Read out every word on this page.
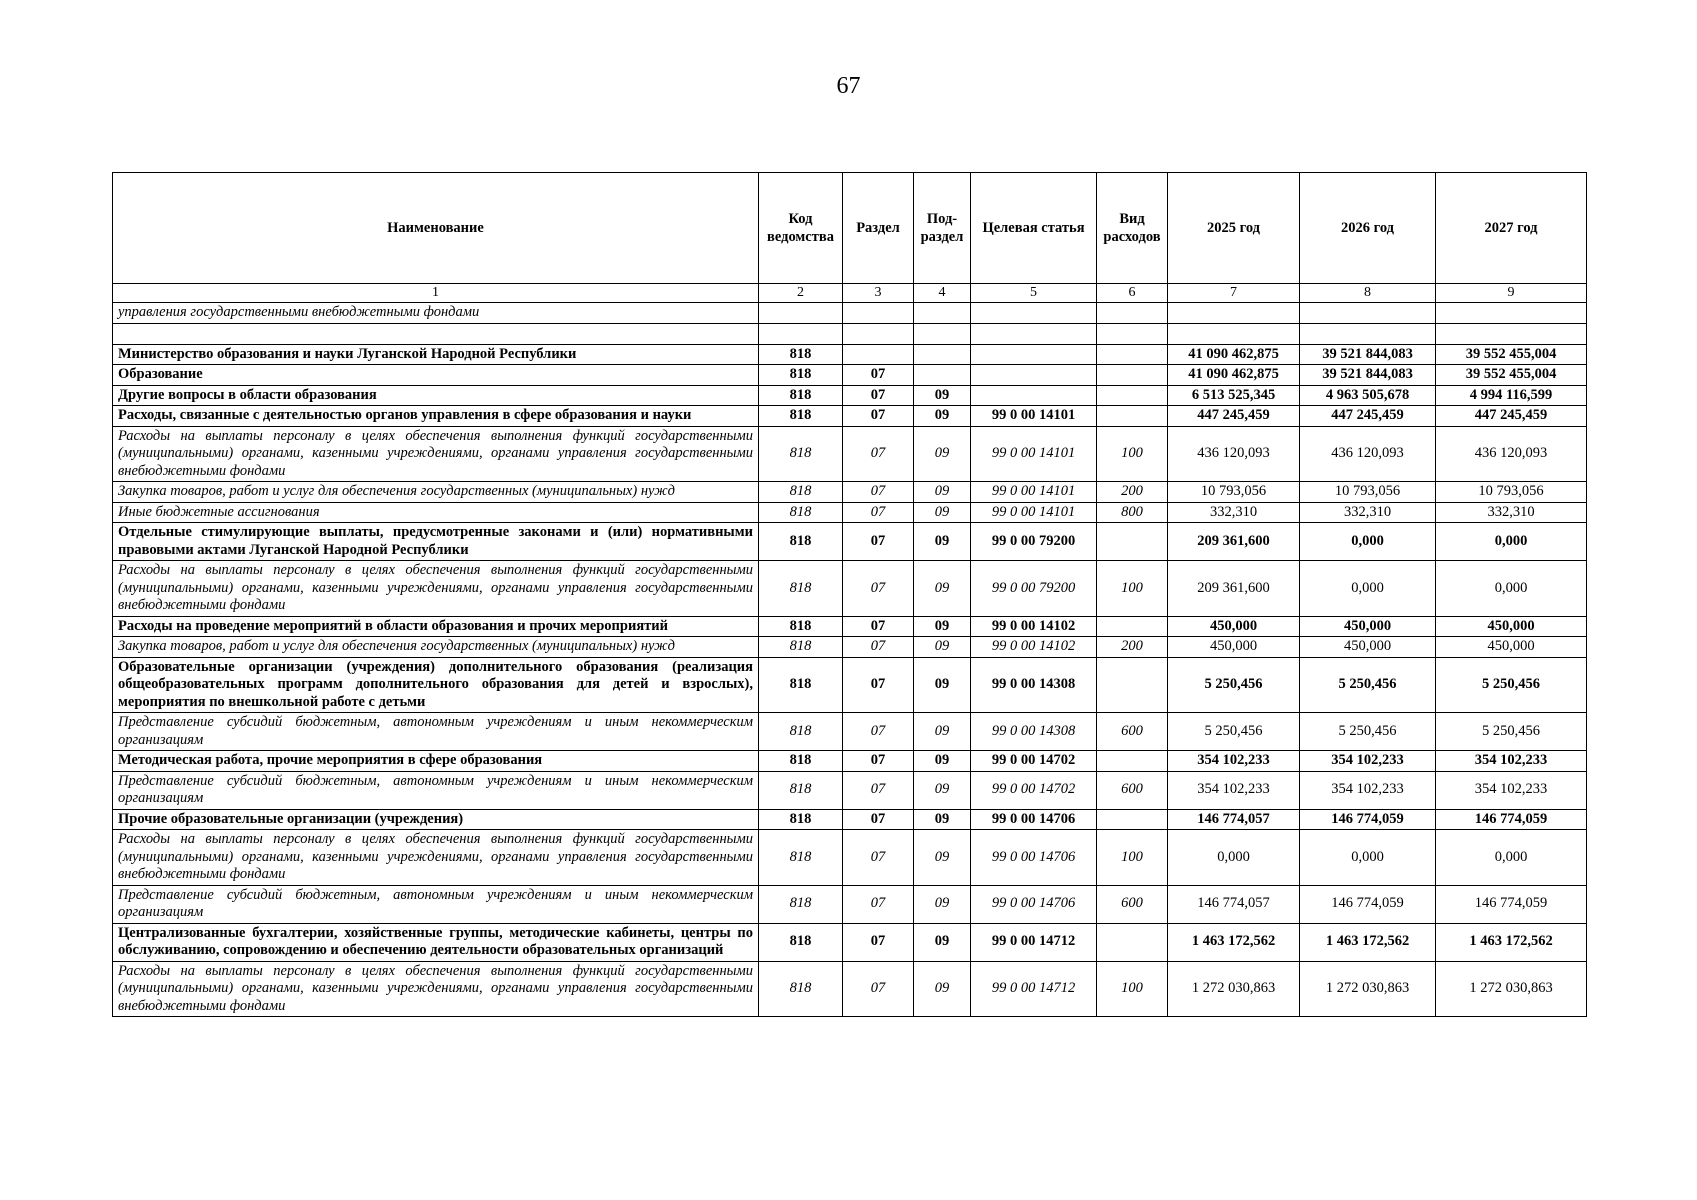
67
Наименование	Код ведомства	Раздел	Под-раздел	Целевая статья	Вид расходов	2025 год	2026 год	2027 год
1	2	3	4	5	6	7	8	9
управления государственными внебюджетными фондами								

Министерство образования и науки Луганской Народной Республики	818					41 090 462,875	39 521 844,083	39 552 455,004
Образование	818	07				41 090 462,875	39 521 844,083	39 552 455,004
Другие вопросы в области образования	818	07	09			6 513 525,345	4 963 505,678	4 994 116,599
Расходы, связанные с деятельностью органов управления в сфере образования и науки	818	07	09	99 0 00 14101		447 245,459	447 245,459	447 245,459
Расходы на выплаты персоналу в целях обеспечения выполнения функций государственными (муниципальными) органами, казенными учреждениями, органами управления государственными внебюджетными фондами	818	07	09	99 0 00 14101	100	436 120,093	436 120,093	436 120,093
Закупка товаров, работ и услуг для обеспечения государственных (муниципальных) нужд	818	07	09	99 0 00 14101	200	10 793,056	10 793,056	10 793,056
Иные бюджетные ассигнования	818	07	09	99 0 00 14101	800	332,310	332,310	332,310
Отдельные стимулирующие выплаты, предусмотренные законами и (или) нормативными правовыми актами Луганской Народной Республики	818	07	09	99 0 00 79200		209 361,600	0,000	0,000
Расходы на выплаты персоналу в целях обеспечения выполнения функций государственными (муниципальными) органами, казенными учреждениями, органами управления государственными внебюджетными фондами	818	07	09	99 0 00 79200	100	209 361,600	0,000	0,000
Расходы на проведение мероприятий в области образования и прочих мероприятий	818	07	09	99 0 00 14102		450,000	450,000	450,000
Закупка товаров, работ и услуг для обеспечения государственных (муниципальных) нужд	818	07	09	99 0 00 14102	200	450,000	450,000	450,000
Образовательные организации (учреждения) дополнительного образования (реализация общеобразовательных программ дополнительного образования для детей и взрослых), мероприятия по внешкольной работе с детьми	818	07	09	99 0 00 14308		5 250,456	5 250,456	5 250,456
Представление субсидий бюджетным, автономным учреждениям и иным некоммерческим организациям	818	07	09	99 0 00 14308	600	5 250,456	5 250,456	5 250,456
Методическая работа, прочие мероприятия в сфере образования	818	07	09	99 0 00 14702		354 102,233	354 102,233	354 102,233
Представление субсидий бюджетным, автономным учреждениям и иным некоммерческим организациям	818	07	09	99 0 00 14702	600	354 102,233	354 102,233	354 102,233
Прочие образовательные организации (учреждения)	818	07	09	99 0 00 14706		146 774,057	146 774,059	146 774,059
Расходы на выплаты персоналу в целях обеспечения выполнения функций государственными (муниципальными) органами, казенными учреждениями, органами управления государственными внебюджетными фондами	818	07	09	99 0 00 14706	100	0,000	0,000	0,000
Представление субсидий бюджетным, автономным учреждениям и иным некоммерческим организациям	818	07	09	99 0 00 14706	600	146 774,057	146 774,059	146 774,059
Централизованные бухгалтерии, хозяйственные группы, методические кабинеты, центры по обслуживанию, сопровождению и обеспечению деятельности образовательных организаций	818	07	09	99 0 00 14712		1 463 172,562	1 463 172,562	1 463 172,562
Расходы на выплаты персоналу в целях обеспечения выполнения функций государственными (муниципальными) органами, казенными учреждениями, органами управления государственными внебюджетными фондами	818	07	09	99 0 00 14712	100	1 272 030,863	1 272 030,863	1 272 030,863
